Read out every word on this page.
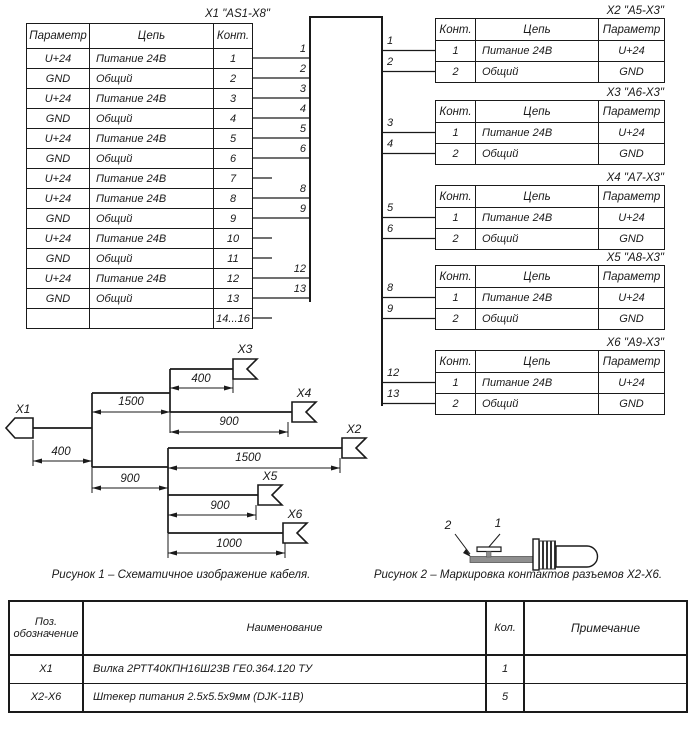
X1 "AS1-X8"
Параметр	Цепь	Конт.
U+24	Питание 24В	1
GND	Общий	2
U+24	Питание 24В	3
GND	Общий	4
U+24	Питание 24В	5
GND	Общий	6
U+24	Питание 24В	7
U+24	Питание 24В	8
GND	Общий	9
U+24	Питание 24В	10
GND	Общий	11
U+24	Питание 24В	12
GND	Общий	13
		14...16
1
2
3
4
5
6
8
9
12
13
1
2
3
4
5
6
8
9
12
13
X2 "A5-X3"
Конт.	Цепь	Параметр
1	Питание 24В	U+24
2	Общий	GND
X3 "A6-X3"
Конт.	Цепь	Параметр
1	Питание 24В	U+24
2	Общий	GND
X4 "A7-X3"
Конт.	Цепь	Параметр
1	Питание 24В	U+24
2	Общий	GND
X5 "A8-X3"
Конт.	Цепь	Параметр
1	Питание 24В	U+24
2	Общий	GND
X6 "A9-X3"
Конт.	Цепь	Параметр
1	Питание 24В	U+24
2	Общий	GND
X1
X3
X4
X2
X5
X6
400
1500
400
900
900
1500
900
1000
Рисунок 1 – Схематичное изображение кабеля.	Рисунок 2 – Маркировка контактов разъемов Х2-Х6.
2	1
Поз.
обозначение	Наименование	Кол.	Примечание
X1	Вилка 2РТТ40КПН16Ш23В ГЕ0.364.120 ТУ	1	
X2-X6	Штекер питания 2.5х5.5х9мм (DJK-11B)	5	
